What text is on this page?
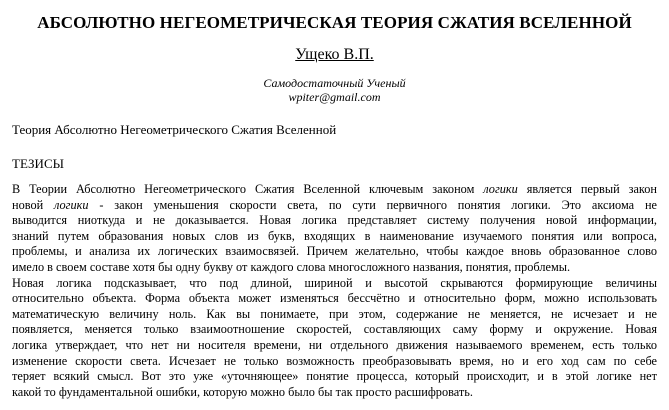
АБСОЛЮТНО НЕГЕОМЕТРИЧЕСКАЯ ТЕОРИЯ СЖАТИЯ ВСЕЛЕННОЙ
Ущеко В.П.
Самодостаточный Ученый
wpiter@gmail.com
Теория Абсолютно Негеометрического Сжатия Вселенной
ТЕЗИСЫ
В Теории Абсолютно Негеометрического Сжатия Вселенной ключевым законом логики является первый закон
новой логики - закон уменьшения скорости света, по сути первичного понятия логики. Это аксиома не
выводится ниоткуда и не доказывается. Новая логика представляет систему получения новой информации,
знаний путем образования новых слов из букв, входящих в наименование изучаемого понятия или вопроса,
проблемы, и анализа их логических взаимосвязей. Причем желательно, чтобы каждое вновь образованное слово
имело в своем составе хотя бы одну букву от каждого слова многосложного названия, понятия, проблемы.
Новая логика подсказывает, что под длиной, шириной и высотой скрываются формирующие величины
относительно объекта. Форма объекта может изменяться бессчётно и относительно форм, можно использовать
математическую величину ноль. Как вы понимаете, при этом, содержание не меняется, не исчезает и не
появляется, меняется только взаимоотношение скоростей, составляющих саму форму и окружение. Новая
логика утверждает, что нет ни носителя времени, ни отдельного движения называемого временем, есть только
изменение скорости света. Исчезает не только возможность преобразовывать время, но и его ход сам по себе
теряет всякий смысл. Вот это уже «уточняющее» понятие процесса, который происходит, и в этой логике нет
какой то фундаментальной ошибки, которую можно было бы так просто расшифровать.
